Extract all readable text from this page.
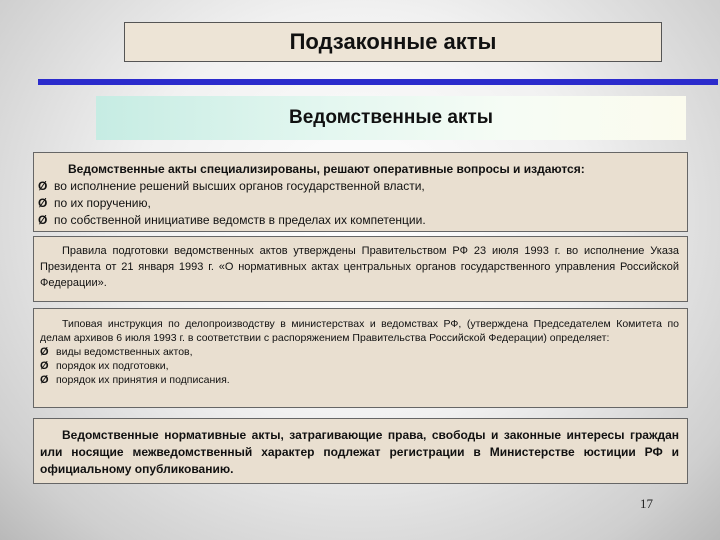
Подзаконные акты
Ведомственные акты
Ведомственные акты специализированы, решают оперативные вопросы и издаются:
Ø во исполнение решений высших органов государственной власти,
Ø по их поручению,
Ø по собственной инициативе ведомств в пределах их компетенции.
Правила подготовки ведомственных актов утверждены Правительством РФ 23 июля 1993 г. во исполнение Указа Президента от 21 января 1993 г. «О нормативных актах центральных органов государственного управления Российской Федерации».
Типовая инструкция по делопроизводству в министерствах и ведомствах РФ, (утверждена Председателем Комитета по делам архивов 6 июля 1993 г. в соответствии с распоряжением Правительства Российской Федерации) определяет:
Ø виды ведомственных актов,
Ø порядок их подготовки,
Ø порядок их принятия и подписания.
Ведомственные нормативные акты, затрагивающие права, свободы и законные интересы граждан или носящие межведомственный характер подлежат регистрации в Министерстве юстиции РФ и официальному опубликованию.
17
